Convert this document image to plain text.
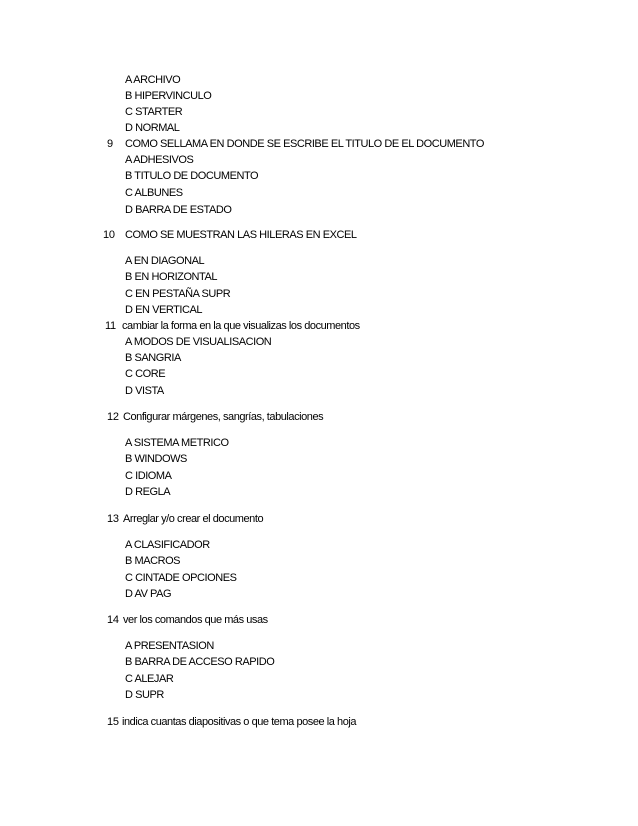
A ARCHIVO
B HIPERVINCULO
C STARTER
D NORMAL
9 COMO SELLAMA EN DONDE SE ESCRIBE EL TITULO DE EL DOCUMENTO
A ADHESIVOS
B TITULO DE DOCUMENTO
C ALBUNES
D BARRA DE ESTADO
10 COMO SE MUESTRAN LAS HILERAS EN EXCEL
A EN DIAGONAL
B EN HORIZONTAL
C EN PESTAÑA SUPR
D EN VERTICAL
11 cambiar la forma en la que visualizas los documentos
A MODOS DE VISUALISACION
B SANGRIA
C CORE
D VISTA
12 Configurar márgenes, sangrías, tabulaciones
A SISTEMA METRICO
B WINDOWS
C IDIOMA
D REGLA
13 Arreglar y/o crear el documento
A CLASIFICADOR
B MACROS
C CINTADE OPCIONES
D AV PAG
14 ver los comandos que más usas
A PRESENTASION
B BARRA DE ACCESO RAPIDO
C ALEJAR
D SUPR
15 indica cuantas diapositivas o que tema posee la hoja
